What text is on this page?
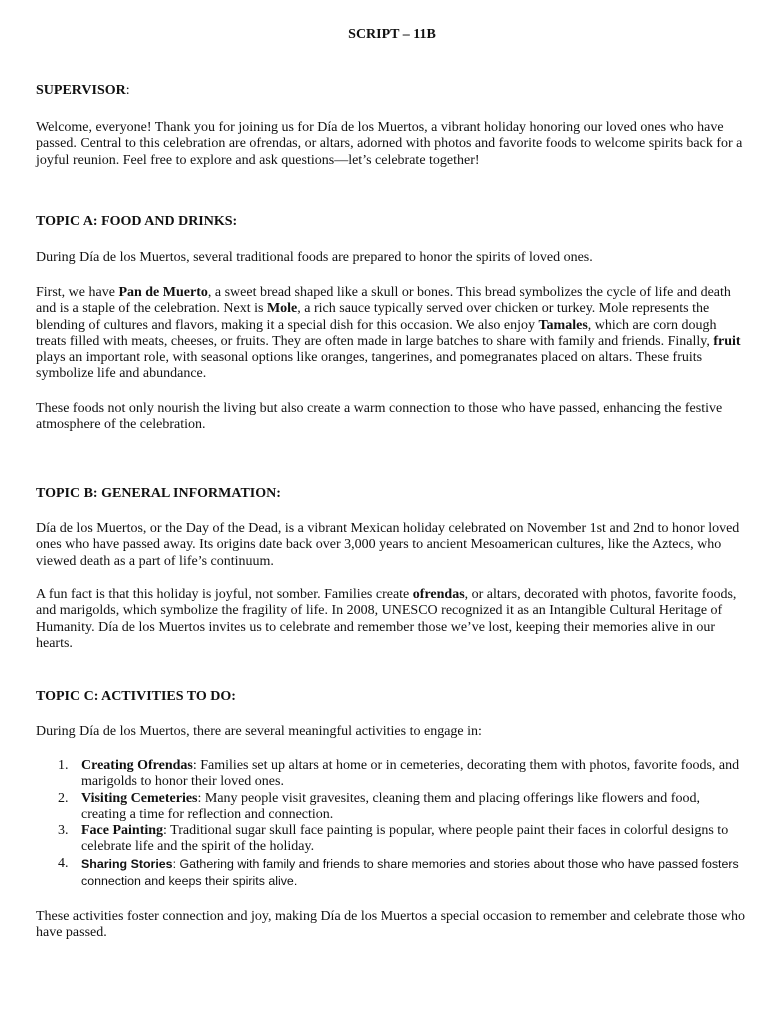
SCRIPT – 11B
SUPERVISOR:
Welcome, everyone! Thank you for joining us for Día de los Muertos, a vibrant holiday honoring our loved ones who have passed. Central to this celebration are ofrendas, or altars, adorned with photos and favorite foods to welcome spirits back for a joyful reunion. Feel free to explore and ask questions—let’s celebrate together!
TOPIC A: FOOD AND DRINKS:
During Día de los Muertos, several traditional foods are prepared to honor the spirits of loved ones.
First, we have Pan de Muerto, a sweet bread shaped like a skull or bones. This bread symbolizes the cycle of life and death and is a staple of the celebration. Next is Mole, a rich sauce typically served over chicken or turkey. Mole represents the blending of cultures and flavors, making it a special dish for this occasion. We also enjoy Tamales, which are corn dough treats filled with meats, cheeses, or fruits. They are often made in large batches to share with family and friends. Finally, fruit plays an important role, with seasonal options like oranges, tangerines, and pomegranates placed on altars. These fruits symbolize life and abundance.
These foods not only nourish the living but also create a warm connection to those who have passed, enhancing the festive atmosphere of the celebration.
TOPIC B: GENERAL INFORMATION:
Día de los Muertos, or the Day of the Dead, is a vibrant Mexican holiday celebrated on November 1st and 2nd to honor loved ones who have passed away. Its origins date back over 3,000 years to ancient Mesoamerican cultures, like the Aztecs, who viewed death as a part of life’s continuum.
A fun fact is that this holiday is joyful, not somber. Families create ofrendas, or altars, decorated with photos, favorite foods, and marigolds, which symbolize the fragility of life. In 2008, UNESCO recognized it as an Intangible Cultural Heritage of Humanity. Día de los Muertos invites us to celebrate and remember those we’ve lost, keeping their memories alive in our hearts.
TOPIC C: ACTIVITIES TO DO:
During Día de los Muertos, there are several meaningful activities to engage in:
1. Creating Ofrendas: Families set up altars at home or in cemeteries, decorating them with photos, favorite foods, and marigolds to honor their loved ones.
2. Visiting Cemeteries: Many people visit gravesites, cleaning them and placing offerings like flowers and food, creating a time for reflection and connection.
3. Face Painting: Traditional sugar skull face painting is popular, where people paint their faces in colorful designs to celebrate life and the spirit of the holiday.
4. Sharing Stories: Gathering with family and friends to share memories and stories about those who have passed fosters connection and keeps their spirits alive.
These activities foster connection and joy, making Día de los Muertos a special occasion to remember and celebrate those who have passed.
